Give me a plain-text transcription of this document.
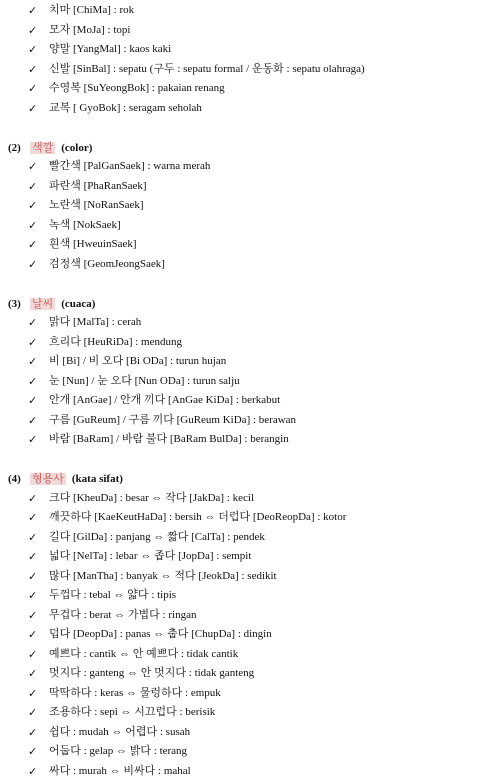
✓ 치마 [ChiMa] : rok
✓ 모자 [MoJa] : topi
✓ 양말 [YangMal] : kaos kaki
✓ 신발 [SinBal] : sepatu (구두 : sepatu formal / 운동화 : sepatu olahraga)
✓ 수영복 [SuYeongBok] : pakaian renang
✓ 교복 [ GyoBok] : seragam seholah
(2) 색깔 (color)
✓ 빨간색 [PalGanSaek] : warna merah
✓ 파란색 [PhaRanSaek]
✓ 노란색 [NoRanSaek]
✓ 녹색 [NokSaek]
✓ 흰색 [HweuinSaek]
✓ 검정색 [GeomJeongSaek]
(3) 날씨 (cuaca)
✓ 맑다 [MalTa] : cerah
✓ 흐리다 [HeuRiDa] : mendung
✓ 비 [Bi] / 비 오다 [Bi ODa] : turun hujan
✓ 눈 [Nun] / 눈 오다 [Nun ODa] : turun salju
✓ 안개 [AnGae] / 안개 끼다 [AnGae KiDa] : berkabut
✓ 구름 [GuReum] / 구름 끼다 [GuReum KiDa] : berawan
✓ 바람 [BaRam] / 바람 불다 [BaRam BulDa] : berangin
(4) 형용사 (kata sifat)
✓ 크다 [KheuDa] : besar ⇔ 작다 [JakDa] : kecil
✓ 깨끗하다 [KaeKeutHaDa] : bersih ⇔ 더럽다 [DeoReopDa] : kotor
✓ 길다 [GilDa] : panjang ⇔ 짧다 [CalTa] : pendek
✓ 넓다 [NelTa] : lebar ⇔ 좁다 [JopDa] : sempit
✓ 많다 [ManTha] : banyak ⇔ 적다 [JeokDa] : sedikit
✓ 두껍다 : tebal ⇔ 얇다 : tipis
✓ 무겁다 : berat ⇔ 가볍다 : ringan
✓ 덥다 [DeopDa] : panas ⇔ 춥다 [ChupDa] : dingin
✓ 예쁘다 : cantik ⇔ 안 예쁘다 : tidak cantik
✓ 멋지다 : ganteng ⇔ 안 멋지다 : tidak ganteng
✓ 딱딱하다 : keras ⇔ 물렁하다 : empuk
✓ 조용하다 : sepi ⇔ 시끄럽다 : berisik
✓ 쉽다 : mudah ⇔ 어렵다 : susah
✓ 어둡다 : gelap ⇔ 밝다 : terang
✓ 싸다 : murah ⇔ 비싸다 : mahal
